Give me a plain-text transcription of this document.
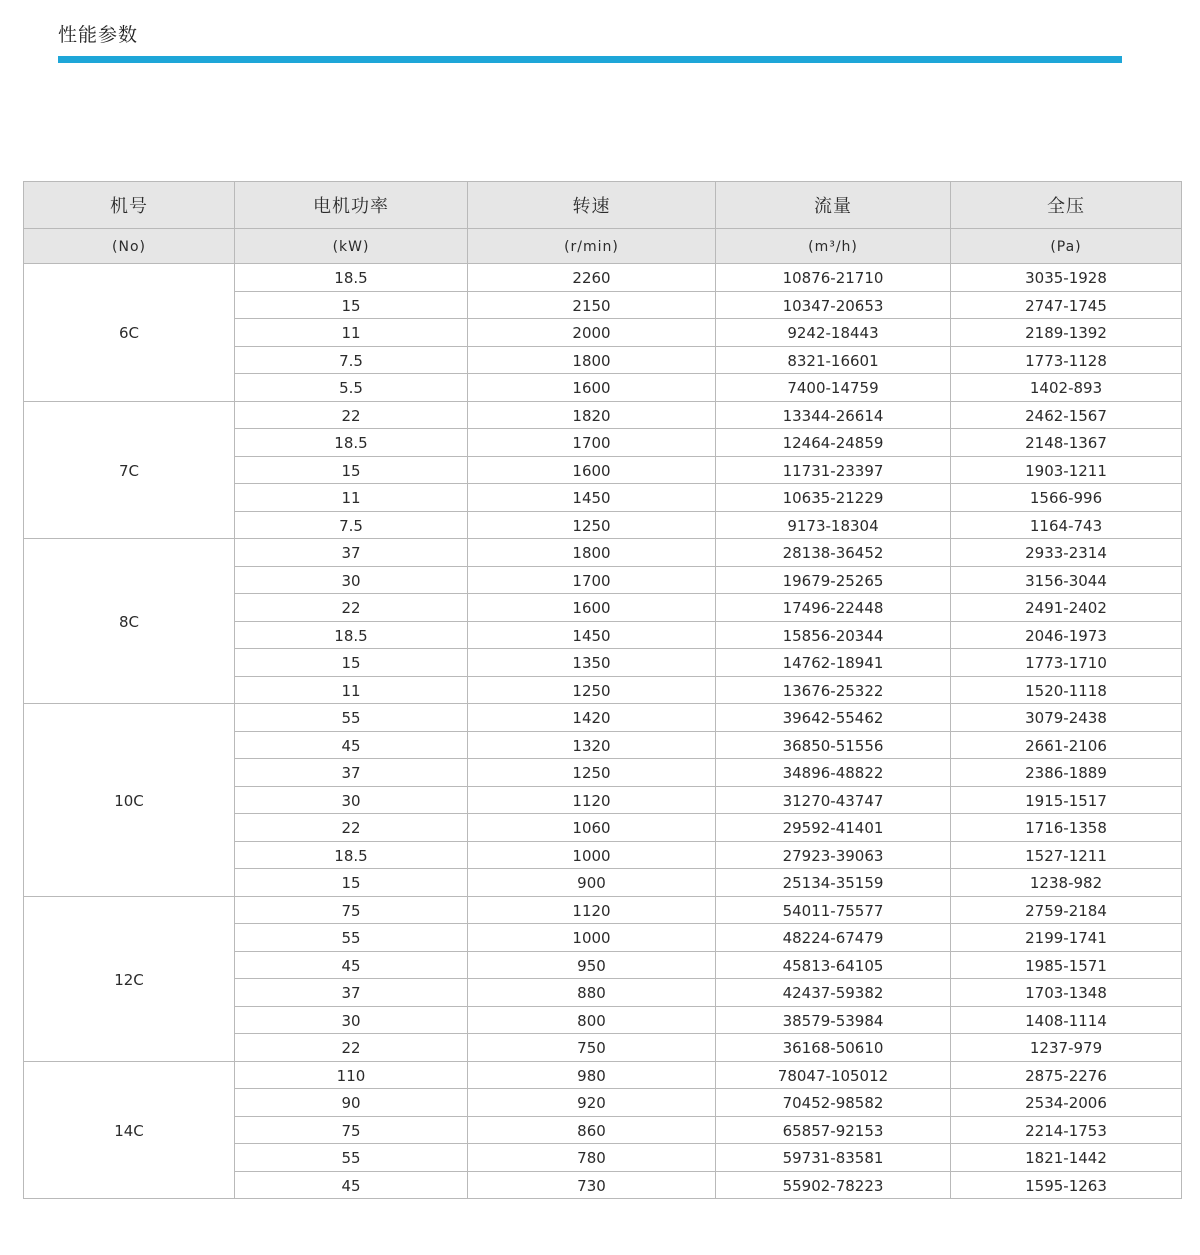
性能参数
机号	电机功率	转速	流量	全压
(No)	(kW)	(r/min)	(m³/h)	(Pa)
6C	18.5	2260	10876-21710	3035-1928
	15	2150	10347-20653	2747-1745
	11	2000	9242-18443	2189-1392
	7.5	1800	8321-16601	1773-1128
	5.5	1600	7400-14759	1402-893
7C	22	1820	13344-26614	2462-1567
	18.5	1700	12464-24859	2148-1367
	15	1600	11731-23397	1903-1211
	11	1450	10635-21229	1566-996
	7.5	1250	9173-18304	1164-743
8C	37	1800	28138-36452	2933-2314
	30	1700	19679-25265	3156-3044
	22	1600	17496-22448	2491-2402
	18.5	1450	15856-20344	2046-1973
	15	1350	14762-18941	1773-1710
	11	1250	13676-25322	1520-1118
10C	55	1420	39642-55462	3079-2438
	45	1320	36850-51556	2661-2106
	37	1250	34896-48822	2386-1889
	30	1120	31270-43747	1915-1517
	22	1060	29592-41401	1716-1358
	18.5	1000	27923-39063	1527-1211
	15	900	25134-35159	1238-982
12C	75	1120	54011-75577	2759-2184
	55	1000	48224-67479	2199-1741
	45	950	45813-64105	1985-1571
	37	880	42437-59382	1703-1348
	30	800	38579-53984	1408-1114
	22	750	36168-50610	1237-979
14C	110	980	78047-105012	2875-2276
	90	920	70452-98582	2534-2006
	75	860	65857-92153	2214-1753
	55	780	59731-83581	1821-1442
	45	730	55902-78223	1595-1263
